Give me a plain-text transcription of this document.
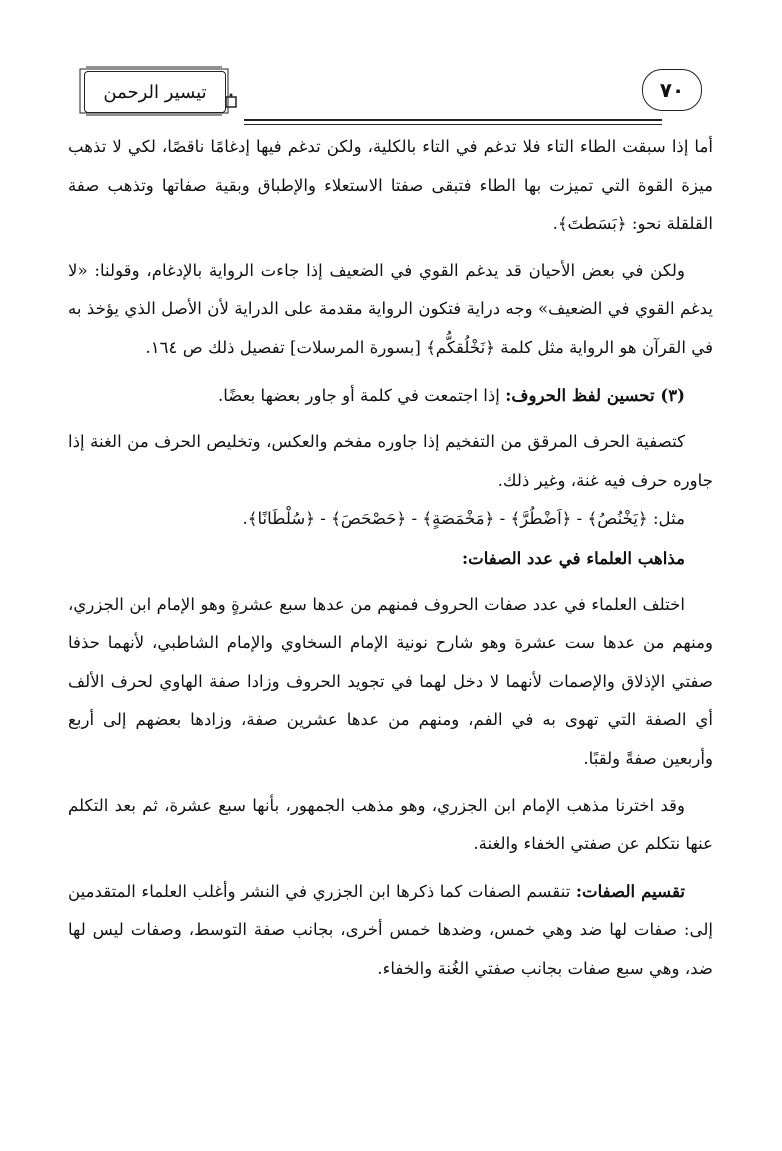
تيسير الرحمن	٧٠

أما إذا سبقت الطاء التاء فلا تدغم في التاء بالكلية، ولكن تدغم فيها إدغامًا ناقصًا، لكي لا تذهب ميزة القوة التي تميزت بها الطاء فتبقى صفتا الاستعلاء والإطباق وبقية صفاتها وتذهب صفة القلقلة نحو: ﴿بَسَطتَ﴾.

ولكن في بعض الأحيان قد يدغم القوي في الضعيف إذا جاءت الرواية بالإدغام، وقولنا: «لا يدغم القوي في الضعيف» وجه دراية فتكون الرواية مقدمة على الدراية لأن الأصل الذي يؤخذ به في القرآن هو الرواية مثل كلمة ﴿نَخْلُقكُّم﴾ [بسورة المرسلات] تفصيل ذلك ص ١٦٤.

(٣) تحسين لفظ الحروف: إذا اجتمعت في كلمة أو جاور بعضها بعضًا.

كتصفية الحرف المرقق من التفخيم إذا جاوره مفخم والعكس، وتخليص الحرف من الغنة إذا جاوره حرف فيه غنة، وغير ذلك.

مثل: ﴿يَخْنُصُ﴾ - ﴿اَضْطُرَّ﴾ - ﴿مَخْمَصَةٍ﴾ - ﴿حَصْحَصَ﴾ - ﴿سُلْطَانًا﴾.

مذاهب العلماء في عدد الصفات:

اختلف العلماء في عدد صفات الحروف فمنهم من عدها سبع عشرةٍ وهو الإمام ابن الجزري، ومنهم من عدها ست عشرة وهو شارح نونية الإمام السخاوي والإمام الشاطبي، لأنهما حذفا صفتي الإذلاق والإصمات لأنهما لا دخل لهما في تجويد الحروف وزادا صفة الهاوي لحرف الألف أي الصفة التي تهوى به في الفم، ومنهم من عدها عشرين صفة، وزادها بعضهم إلى أربع وأربعين صفةً ولقبًا.

وقد اخترنا مذهب الإمام ابن الجزري، وهو مذهب الجمهور، بأنها سبع عشرة، ثم بعد التكلم عنها نتكلم عن صفتي الخفاء والغنة.

تقسيم الصفات: تنقسم الصفات كما ذكرها ابن الجزري في النشر وأغلب العلماء المتقدمين إلى: صفات لها ضد وهي خمس، وضدها خمس أخرى، بجانب صفة التوسط، وصفات ليس لها ضد، وهي سبع صفات بجانب صفتي الغُنة والخفاء.
